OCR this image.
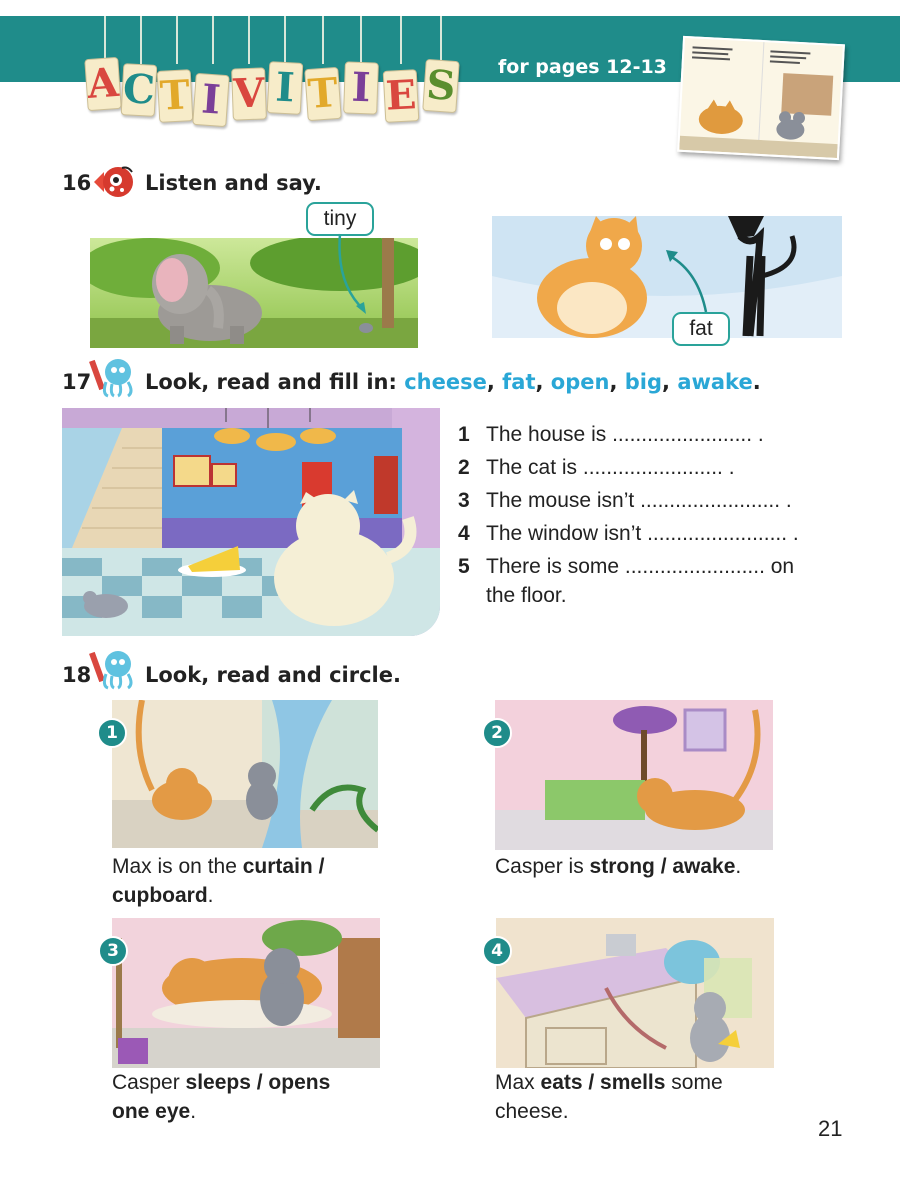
A C T I V I T I E S for pages 12-13
16	Listen and say.
tiny
fat
17	Look, read and fill in: cheese, fat, open, big, awake.
1 The house is ........................ .
2 The cat is ........................ .
3 The mouse isn’t ........................ .
4 The window isn’t ........................ .
5 There is some ........................ on
the floor.
18	Look, read and circle.
1
Max is on the curtain /
cupboard.
2
Casper is strong / awake.
3
Casper sleeps / opens
one eye.
4
Max eats / smells some
cheese.
21
